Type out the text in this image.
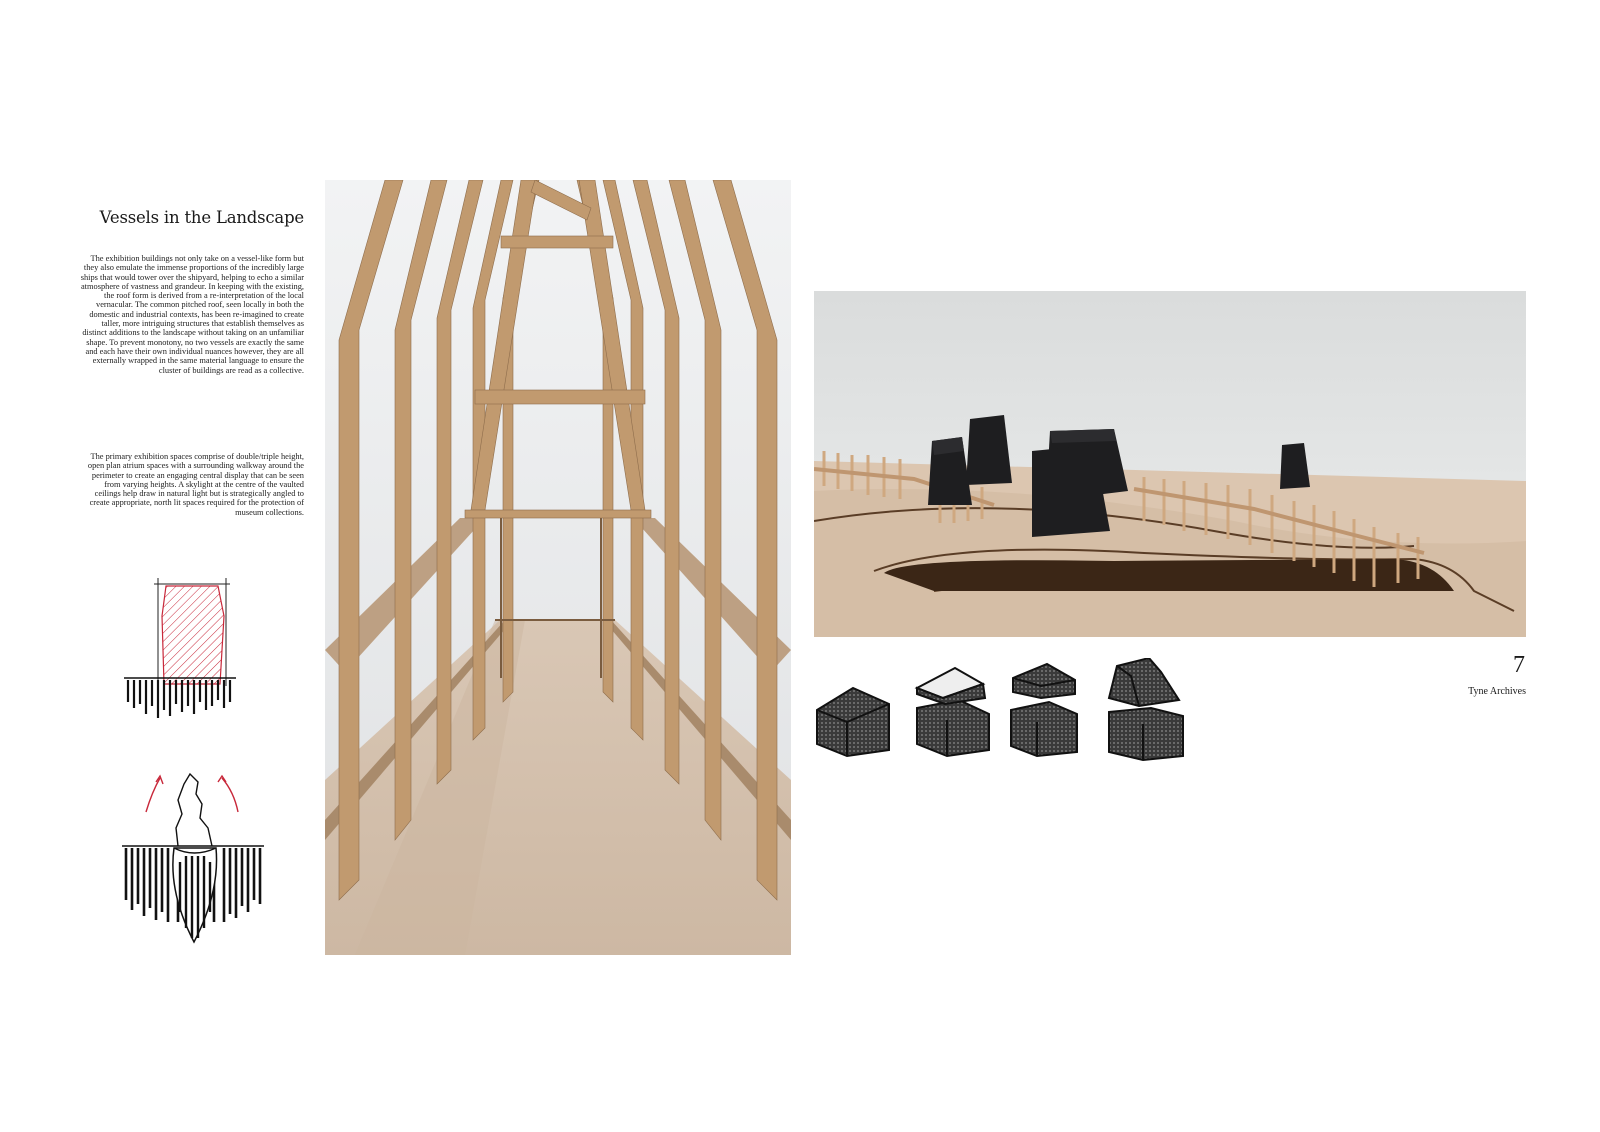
Vessels in the Landscape
The exhibition buildings not only take on a vessel-like form but they also emulate the immense proportions of the incredibly large ships that would tower over the shipyard, helping to echo a similar atmosphere of vastness and grandeur. In keeping with the existing, the roof form is derived from a re-interpretation of the local vernacular. The common pitched roof, seen locally in both the domestic and industrial contexts, has been re-imagined to create taller, more intriguing structures that establish themselves as distinct additions to the landscape without taking on an unfamiliar shape. To prevent monotony, no two vessels are exactly the same and each have their own individual nuances however, they are all externally wrapped in the same material language to ensure the cluster of buildings are read as a collective.
The primary exhibition spaces comprise of double/triple height, open plan atrium spaces with a surrounding walkway around the perimeter to create an engaging central display that can be seen from varying heights. A skylight at the centre of the vaulted ceilings help draw in natural light but is strategically angled to create appropriate, north lit spaces required for the protection of museum collections.
7
Tyne Archives
